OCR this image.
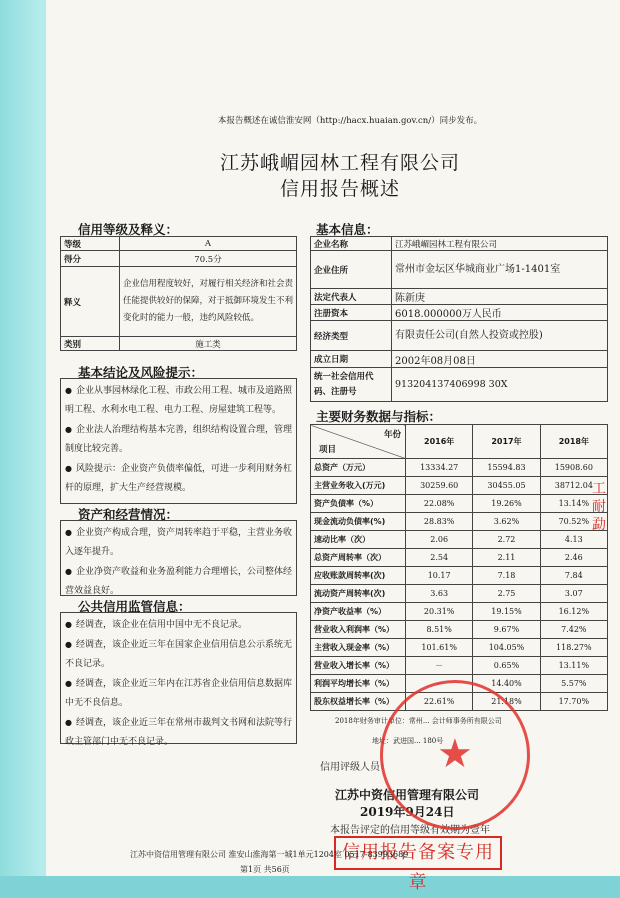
本报告概述在诚信淮安网（http://hacx.huaian.gov.cn/）同步发布。
江苏峨嵋园林工程有限公司
信用报告概述
信用等级及释义：
等级	A
得分	70.5分
释义	企业信用程度较好，对履行相关经济和社会责任能提供较好的保障，对于抵御环境发生不利变化时的能力一般，违约风险较低。
类别	施工类
基本结论及风险提示：

● 企业从事园林绿化工程、市政公用工程、城市及道路照明工程、水利水电工程、电力工程、房屋建筑工程等。

● 企业法人治理结构基本完善，组织结构设置合理，管理制度比较完善。

● 风险提示：企业资产负债率偏低，可进一步利用财务杠杆的原理，扩大生产经营规模。

资产和经营情况：

● 企业资产构成合理，资产周转率趋于平稳，主营业务收入逐年提升。

● 企业净资产收益和业务盈利能力合理增长，公司整体经营效益良好。

公共信用监管信息：

● 经调查，该企业在信用中国中无不良记录。

● 经调查，该企业近三年在国家企业信用信息公示系统无不良记录。

● 经调查，该企业近三年内在江苏省企业信用信息数据库中无不良信息。

● 经调查，该企业近三年在常州市裁判文书网和法院等行政主管部门中无不良记录。

基本信息：
企业名称	江苏峨嵋园林工程有限公司
企业住所	常州市金坛区华城商业广场1-1401室
法定代表人	陈新庚
注册资本	6018.000000万人民币
经济类型	有限责任公司(自然人投资或控股)
成立日期	2002年08月08日
统一社会信用代码、注册号	913204137406998 30X
主要财务数据与指标：
年份
项目	2016年	2017年	2018年
总资产（万元）	13334.27	15594.83	15908.60
主营业务收入(万元)	30259.60	30455.05	38712.04
资产负债率（%）	22.08%	19.26%	13.14%
现金流动负债率(%)	28.83%	3.62%	70.52%
速动比率（次）	2.06	2.72	4.13
总资产周转率（次）	2.54	2.11	2.46
应收账款周转率(次)	10.17	7.18	7.84
流动资产周转率(次)	3.63	2.75	3.07
净资产收益率（%）	20.31%	19.15%	16.12%
营业收入利润率（%）	8.51%	9.67%	7.42%
主营收入现金率（%）	101.61%	104.05%	118.27%
营业收入增长率（%）	－	0.65%	13.11%
利润平均增长率（%）	－	14.40%	5.57%
股东权益增长率（%）	22.61%	21.18%	17.70%
2018年财务审计单位：常州... 会计师事务所有限公司
地址：武进国... 180号
信用评级人员：
江苏中资信用管理有限公司
2019年9月24日
本报告评定的信用等级有效期为壹年
★
工
耐
勐
信用报告备案专用章
江苏中资信用管理有限公司 淮安山淮海第一城1单元1204室 0517-83993689
第1页 共56页
